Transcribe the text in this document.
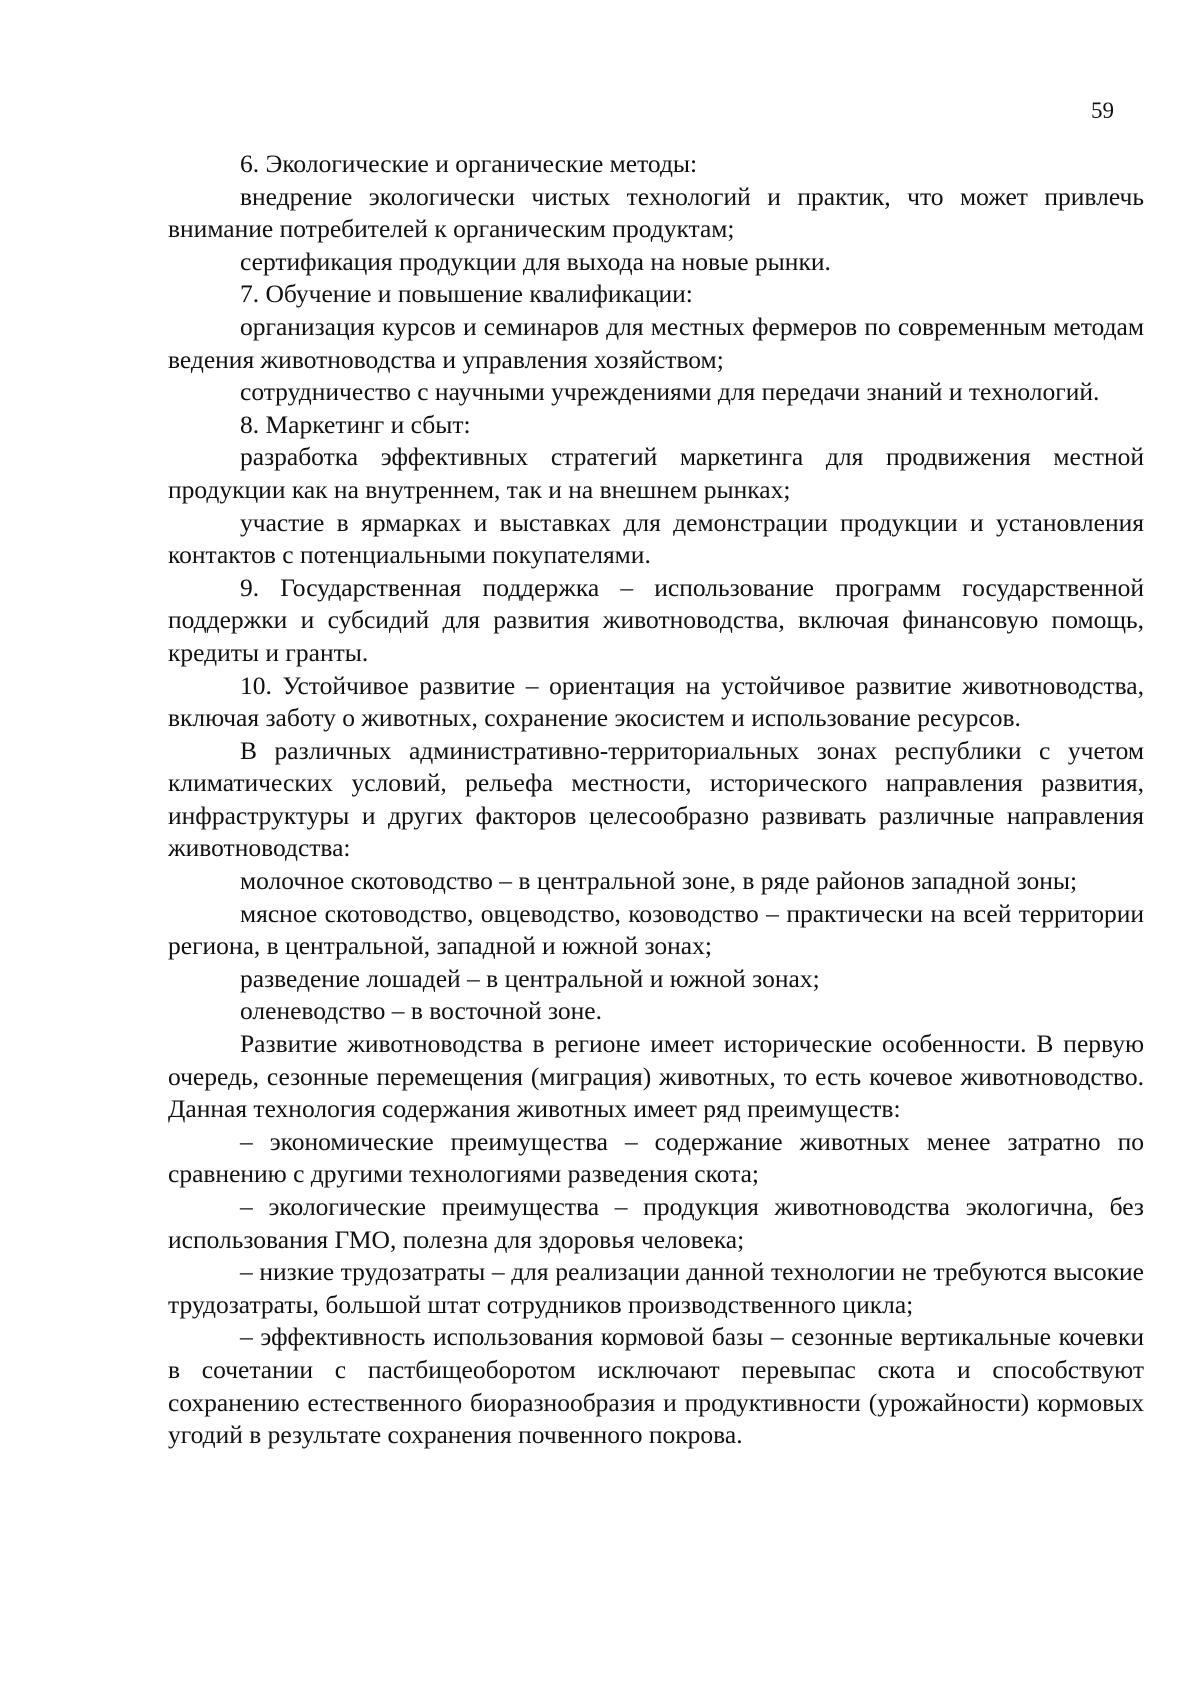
59

6. Экологические и органические методы:

внедрение экологически чистых технологий и практик, что может привлечь внимание потребителей к органическим продуктам;

сертификация продукции для выхода на новые рынки.

7. Обучение и повышение квалификации:

организация курсов и семинаров для местных фермеров по современным методам ведения животноводства и управления хозяйством;

сотрудничество с научными учреждениями для передачи знаний и технологий.

8. Маркетинг и сбыт:

разработка эффективных стратегий маркетинга для продвижения местной продукции как на внутреннем, так и на внешнем рынках;

участие в ярмарках и выставках для демонстрации продукции и установления контактов с потенциальными покупателями.

9. Государственная поддержка – использование программ государственной поддержки и субсидий для развития животноводства, включая финансовую помощь, кредиты и гранты.

10. Устойчивое развитие – ориентация на устойчивое развитие животноводства, включая заботу о животных, сохранение экосистем и использование ресурсов.

В различных административно-территориальных зонах республики с учетом климатических условий, рельефа местности, исторического направления развития, инфраструктуры и других факторов целесообразно развивать различные направления животноводства:

молочное скотоводство – в центральной зоне, в ряде районов западной зоны;

мясное скотоводство, овцеводство, козоводство – практически на всей территории региона, в центральной, западной и южной зонах;

разведение лошадей – в центральной и южной зонах;

оленеводство – в восточной зоне.

Развитие животноводства в регионе имеет исторические особенности. В первую очередь, сезонные перемещения (миграция) животных, то есть кочевое животноводство. Данная технология содержания животных имеет ряд преимуществ:

– экономические преимущества – содержание животных менее затратно по сравнению с другими технологиями разведения скота;

– экологические преимущества – продукция животноводства экологична, без использования ГМО, полезна для здоровья человека;

– низкие трудозатраты – для реализации данной технологии не требуются высокие трудозатраты, большой штат сотрудников производственного цикла;

– эффективность использования кормовой базы – сезонные вертикальные кочевки в сочетании с пастбищеоборотом исключают перевыпас скота и способствуют сохранению естественного биоразнообразия и продуктивности (урожайности) кормовых угодий в результате сохранения почвенного покрова.
